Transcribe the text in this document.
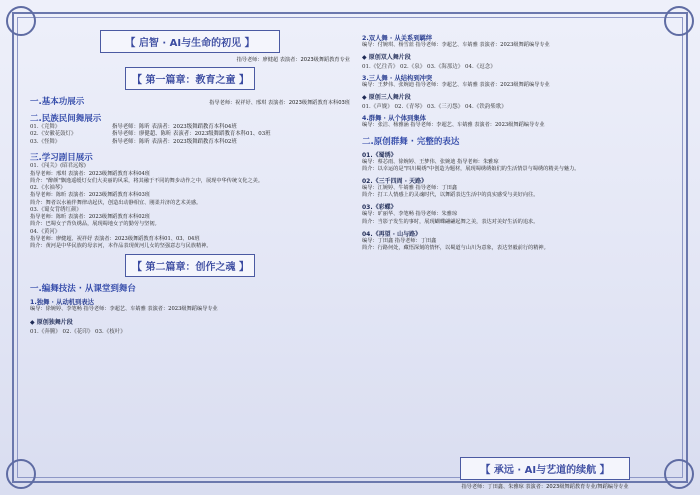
【 启智 · AI与生命的初见 】
指导老师：廖健超 表演者：2023级舞蹈教育专业
【 第一篇章：教育之童 】
一.基本功展示	指导老师：祝祥妤、邢琪 表演者：2023级舞蹈教育本科03班
二.民族民间舞展示
01.《竞舞》	指导老师：陈昕 表演者：2023级舞蹈教育本科04班
02.《安徽花鼓灯》	指导老师：廖健超、陈昕 表演者：2023级舞蹈教育本科01、03班
03.《怪舞》	指导老师：陈昕 表演者：2023级舞蹈教育本科02班
三.学习剧目展示
01.《闯关》(昭君远嫁)
指导老师：邢琪 表演者：2023级舞蹈教育本科04班
简介："醉颜"飘逸遥缓灯女们大美丽的风采，将其融于不同的舞步动作之中，展现中华传统文化之美。
02.《水袖琴》
指导老师：陈昕 表演者：2023级舞蹈教育本科03班
简介：舞者以水袖伴舞律动起伏，创造出动静相宜、刚柔并济的艺术美感。
03.《蜀女背绣红颜》
指导老师：陈昕 表演者：2023级舞蹈教育本科02班
简介：巴蜀女子背负绣品，展现蜀地女子的勤劳与坚韧。
04.《黄河》
指导老师：廖健超、祝祥妤 表演者：2023级舞蹈教育本科01、03、04班
简介：黄河是中华民族的母亲河，本作品表现黄河儿女的坚强意志与民族精神。
【 第二篇章：创作之魂 】
一.编舞技法 · 从课堂到舞台
1.独舞 · 从动机到表达
编导：徐婉婷、李笔畅 指导老师：李超艺、车婧雅 表演者：2023级舞蹈编导专业
◆ 原创独舞片段
01.《奔腾》 02.《花印》 03.《枝叶》
2.双人舞 · 从关系到羁绊
编导：付婉琪、杨雪蓝 指导老师：李超艺、车婧雅 表演者：2023级舞蹈编导专业
◆ 原创双人舞片段
01.《忆往昔》 02.《泉》 03.《海那边》 04.《逗念》
3.三人舞 · 从结构到冲突
编导：王梦伟、张婉迪 指导老师：李超艺、车婧雅 表演者：2023级舞蹈编导专业
◆ 原创三人舞片段
01.《声娩》 02.《青琴》 03.《三刃怨》 04.《铁韵柴歌》
4.群舞 · 从个体到集体
编导：张洁、杨雅涵 指导老师：李超艺、车婧雅 表演者：2023级舞蹈编导专业
二.原创群舞 · 完整的表达
01.《蜀绣》
编导：蔡芯雨、徐婉婷、王梦伟、张婉迪 指导老师：朱雅琼
简介：以幸运的是"四川蜀绣"中创造为题材，展现蜀绣绣娘们的生活情景与蜀绣的精美与魅力。
02.《三千四周 · 天路》
编导：江婉婷、牛婧雅 指导老师：丁田鑫
简介：打工人情感上的灵魂时代，以舞蹈表达生活中的真实感受与美好向往。
03.《彩蝶》
编导：旷丽华、李笔畅 指导老师：朱雅琼
简介：当影子发生的事时，展现蝴蝶翩翩起舞之美，表达对美好生活的追求。
04.《再望 · 山与路》
编导：丁田鑫 指导老师：丁田鑫
简介：行路何处，藏悟深刻的情怀，以蜀道与山川为意象，表达坚毅前行的精神。
【 承远 · AI与艺道的续航 】
指导老师：丁田鑫、朱雅琼 表演者：2023级舞蹈教育专业/舞蹈编导专业
